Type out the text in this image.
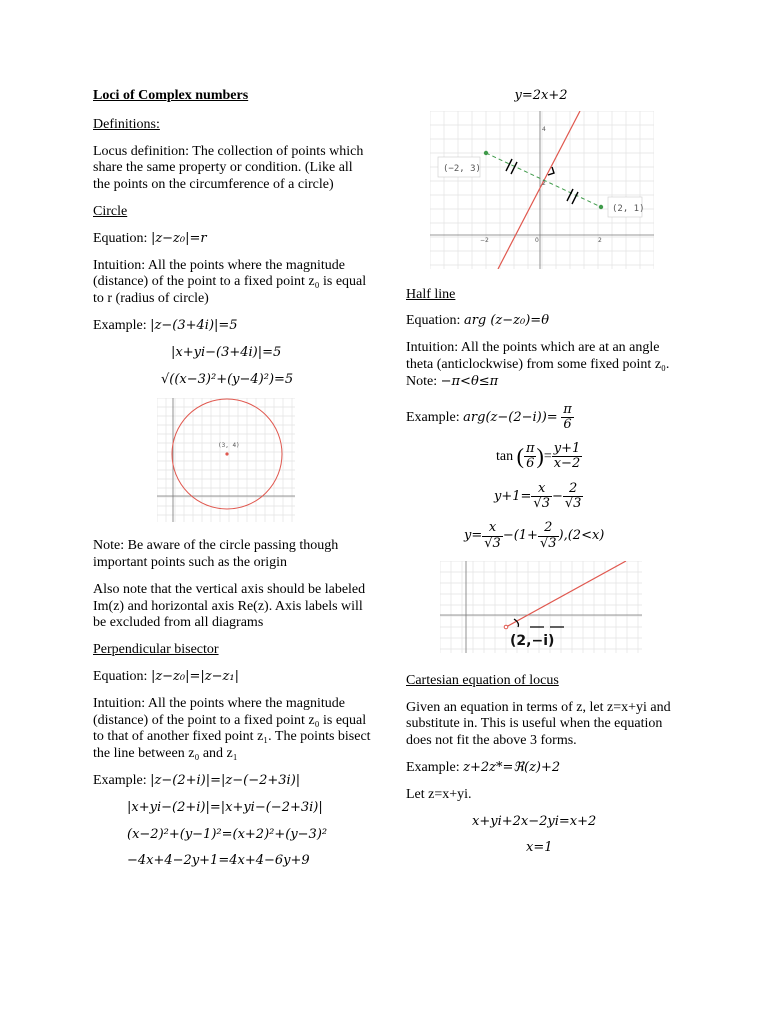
Loci of Complex numbers

Definitions:

Locus definition: The collection of points which share the same property or condition. (Like all the points on the circumference of a circle)

Circle

Equation: |z−z₀|=r

Intuition: All the points where the magnitude (distance) of the point to a fixed point z₀ is equal to r (radius of circle)

Example: |z−(3+4i)|=5

|x+yi−(3+4i)|=5

√((x−3)²+(y−4)²)=5

(3, 4)

Note: Be aware of the circle passing though important points such as the origin

Also note that the vertical axis should be labeled Im(z) and horizontal axis Re(z). Axis labels will be excluded from all diagrams

Perpendicular bisector

Equation: |z−z₀|=|z−z₁|

Intuition: All the points where the magnitude (distance) of the point to a fixed point z₀ is equal to that of another fixed point z₁. The points bisect the line between z₀ and z₁

Example: |z−(2+i)|=|z−(−2+3i)|

|x+yi−(2+i)|=|x+yi−(−2+3i)|

(x−2)²+(y−1)²=(x+2)²+(y−3)²

−4x+4−2y+1=4x+4−6y+9

y=2x+2

(−2, 3)
(2, 1)
−2	0	2
4
2

Half line

Equation: arg (z−z₀)=θ

Intuition: All the points which are at an angle theta (anticlockwise) from some fixed point z₀. Note: −π<θ≤π

Example: $arg(z-(2-i))= \frac{\pi}{6}$

tan ( $\frac{\pi}{6}$ )= $\frac{y+1}{x-2}$

$y+1= \frac{x}{√3} - \frac{2}{√3}$

$y= \frac{x}{√3} -(1+ \frac{2}{√3} ),(2<x)$

(2,−i)

Cartesian equation of locus

Given an equation in terms of z, let z=x+yi and substitute in. This is useful when the equation does not fit the above 3 forms.

Example: z+2z*=ℜ(z)+2

Let z=x+yi.

x+yi+2x−2yi=x+2

x=1
